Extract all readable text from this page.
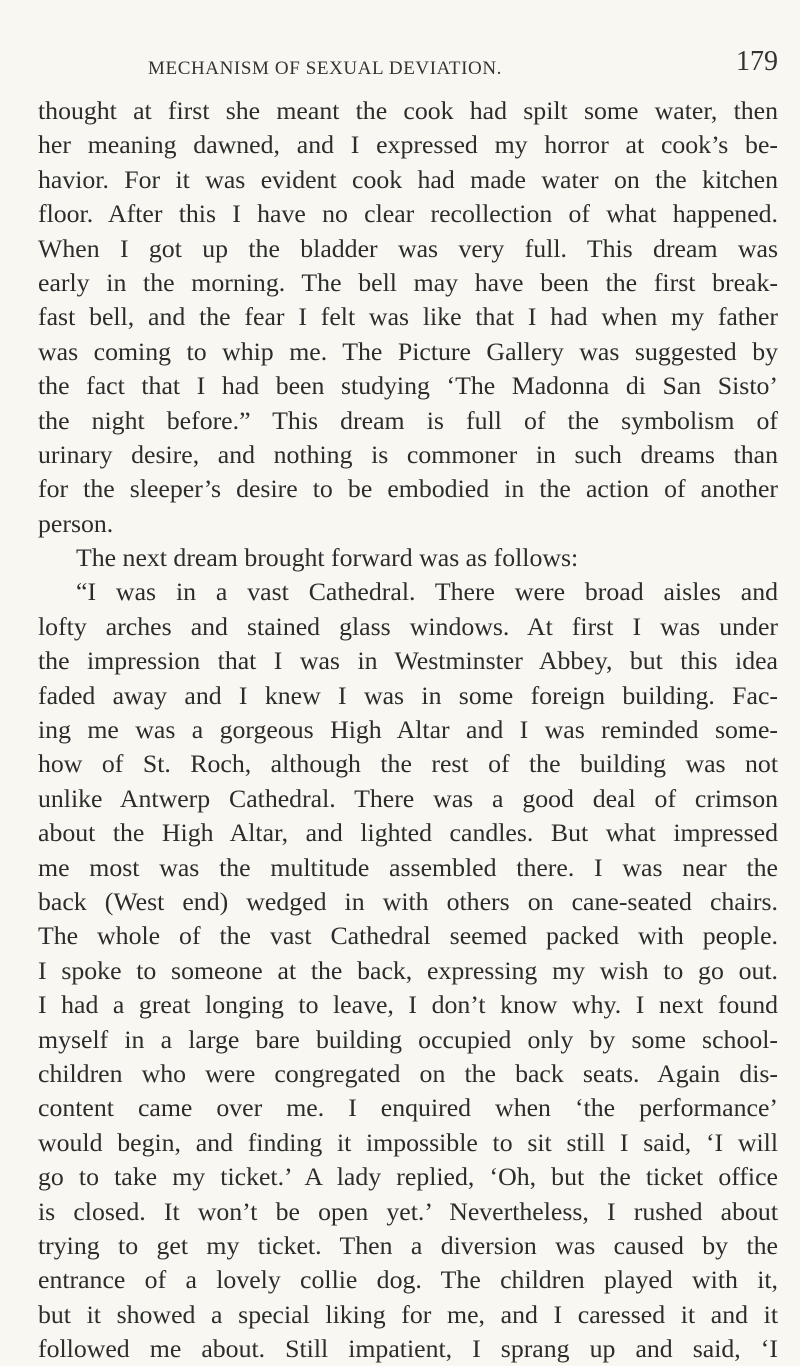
MECHANISM OF SEXUAL DEVIATION.	179
thought at first she meant the cook had spilt some water, then
her meaning dawned, and I expressed my horror at cook’s be-
havior. For it was evident cook had made water on the kitchen
floor. After this I have no clear recollection of what happened.
When I got up the bladder was very full. This dream was
early in the morning. The bell may have been the first break-
fast bell, and the fear I felt was like that I had when my father
was coming to whip me. The Picture Gallery was suggested by
the fact that I had been studying ‘The Madonna di San Sisto’
the night before.” This dream is full of the symbolism of
urinary desire, and nothing is commoner in such dreams than
for the sleeper’s desire to be embodied in the action of another
person.
The next dream brought forward was as follows:
“I was in a vast Cathedral. There were broad aisles and
lofty arches and stained glass windows. At first I was under
the impression that I was in Westminster Abbey, but this idea
faded away and I knew I was in some foreign building. Fac-
ing me was a gorgeous High Altar and I was reminded some-
how of St. Roch, although the rest of the building was not
unlike Antwerp Cathedral. There was a good deal of crimson
about the High Altar, and lighted candles. But what impressed
me most was the multitude assembled there. I was near the
back (West end) wedged in with others on cane-seated chairs.
The whole of the vast Cathedral seemed packed with people.
I spoke to someone at the back, expressing my wish to go out.
I had a great longing to leave, I don’t know why. I next found
myself in a large bare building occupied only by some school-
children who were congregated on the back seats. Again dis-
content came over me. I enquired when ‘the performance’
would begin, and finding it impossible to sit still I said, ‘I will
go to take my ticket.’ A lady replied, ‘Oh, but the ticket office
is closed. It won’t be open yet.’ Nevertheless, I rushed about
trying to get my ticket. Then a diversion was caused by the
entrance of a lovely collie dog. The children played with it,
but it showed a special liking for me, and I caressed it and it
followed me about. Still impatient, I sprang up and said, ‘I
